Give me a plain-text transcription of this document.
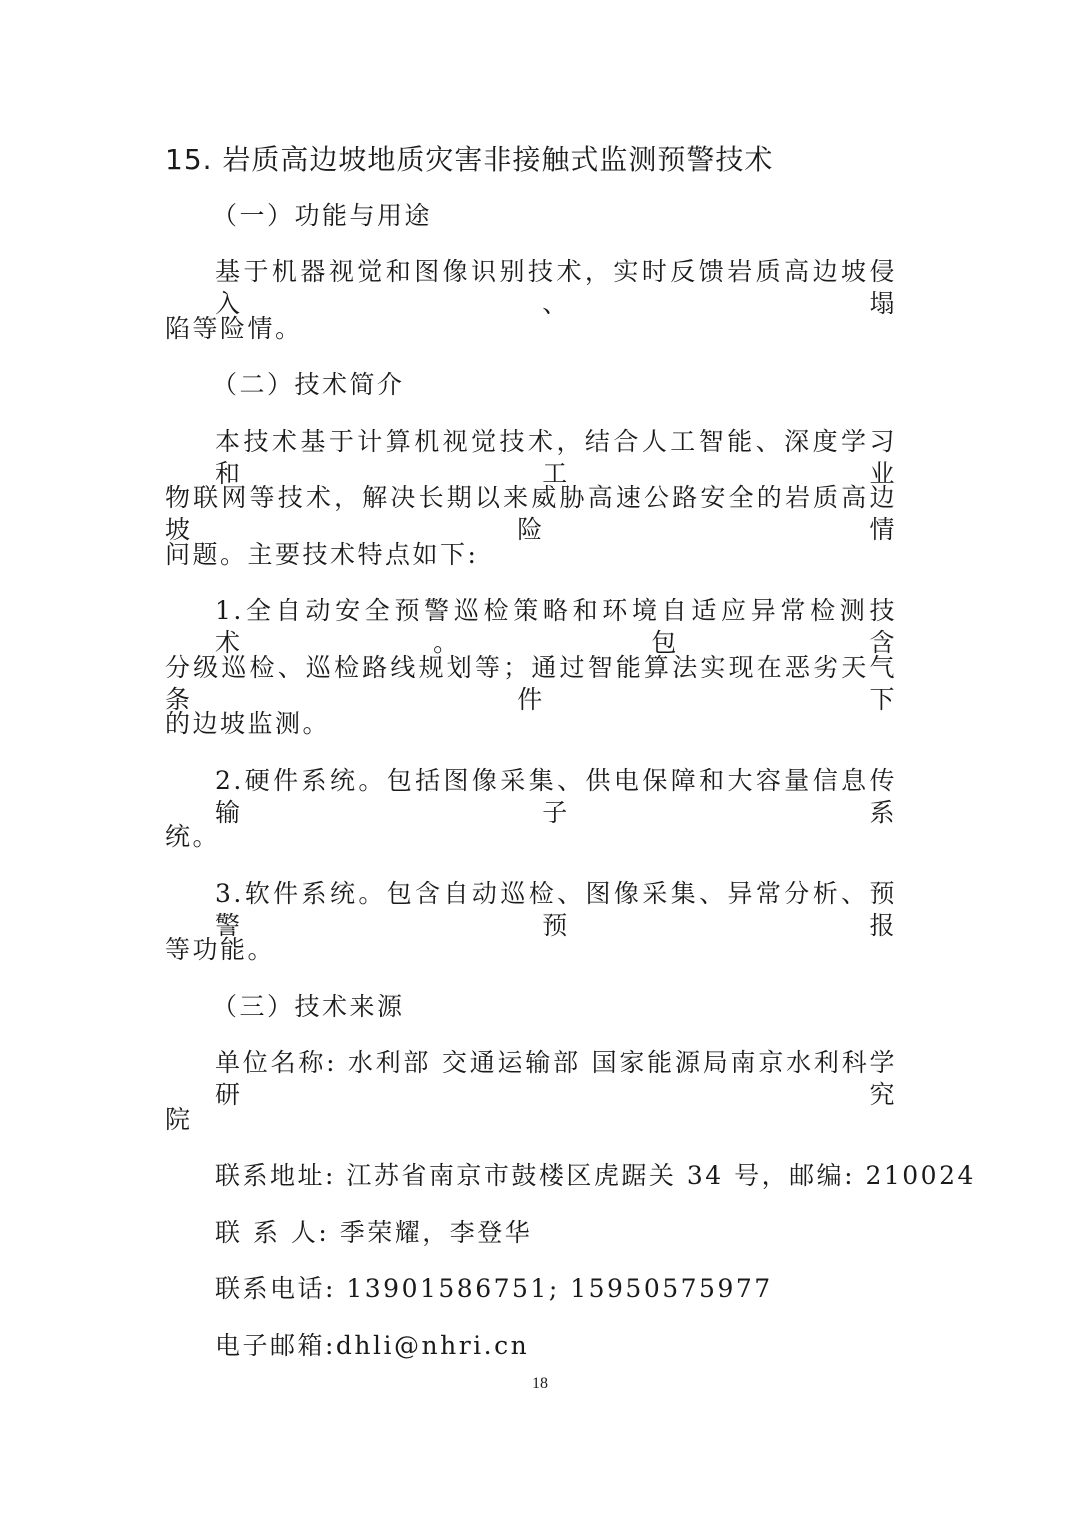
15. 岩质高边坡地质灾害非接触式监测预警技术
（一）功能与用途
基于机器视觉和图像识别技术，实时反馈岩质高边坡侵入、塌
陷等险情。
（二）技术简介
本技术基于计算机视觉技术，结合人工智能、深度学习和工业
物联网等技术，解决长期以来威胁高速公路安全的岩质高边坡险情
问题。主要技术特点如下:
1.全自动安全预警巡检策略和环境自适应异常检测技术。包含
分级巡检、巡检路线规划等；通过智能算法实现在恶劣天气条件下
的边坡监测。
2.硬件系统。包括图像采集、供电保障和大容量信息传输子系
统。
3.软件系统。包含自动巡检、图像采集、异常分析、预警预报
等功能。
（三）技术来源
单位名称: 水利部 交通运输部 国家能源局南京水利科学研究
院
联系地址: 江苏省南京市鼓楼区虎踞关 34 号，邮编: 210024
联 系 人: 季荣耀，李登华
联系电话: 13901586751; 15950575977
电子邮箱:dhli@nhri.cn
18
